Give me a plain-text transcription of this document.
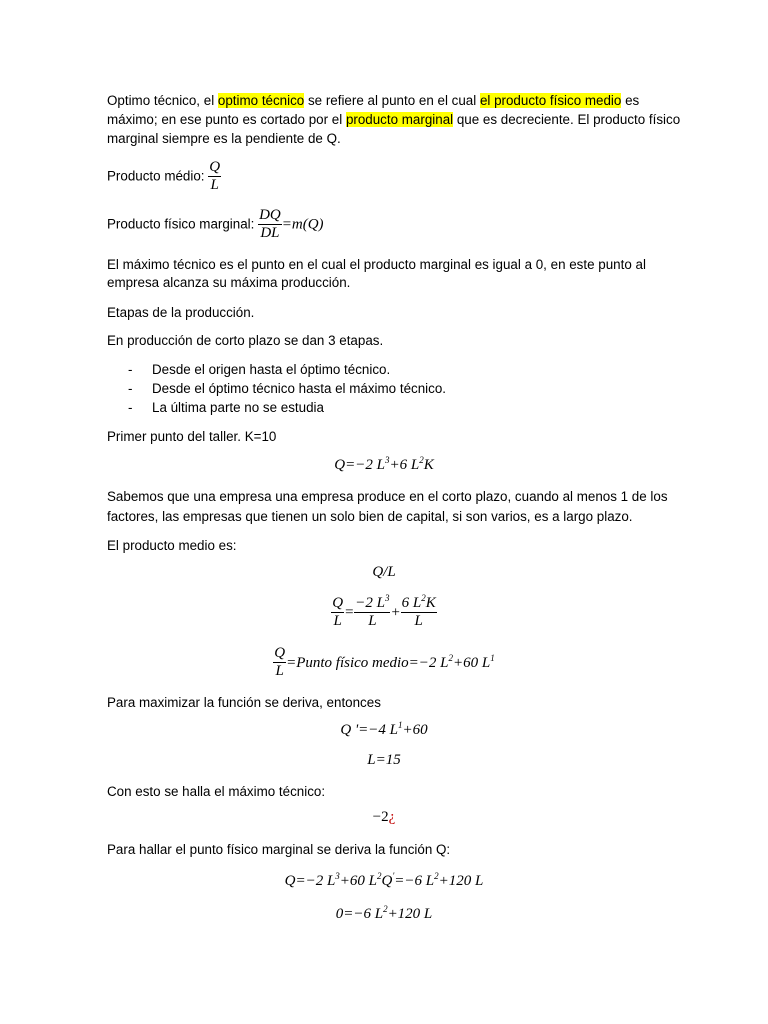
Optimo técnico, el optimo técnico se refiere al punto en el cual el producto físico medio es
máximo; en ese punto es cortado por el producto marginal que es decreciente. El producto físico
marginal siempre es la pendiente de Q.
Producto médio: $\frac{Q}{L}$
Producto físico marginal: $\frac{DQ}{DL} =m(Q)$
El máximo técnico es el punto en el cual el producto marginal es igual a 0, en este punto al
empresa alcanza su máxima producción.
Etapas de la producción.
En producción de corto plazo se dan 3 etapas.
- Desde el origen hasta el óptimo técnico.
- Desde el óptimo técnico hasta el máximo técnico.
- La última parte no se estudia
Primer punto del taller. K=10
Q=−2 $L^3+6$ $L^2K$
Sabemos que una empresa una empresa produce en el corto plazo, cuando al menos 1 de los
factores, las empresas que tienen un solo bien de capital, si son varios, es a largo plazo.
El producto medio es:
Q/L
$\frac{Q}{L} = \frac{-2 L^3}{L} + \frac{6 L^2K}{L}$
$\frac{Q}{L}$ =Punto físico medio=−2 $L^2+60$ $L^1$
Para maximizar la función se deriva, entonces
Q '=−4 $L^1+60$
L=15
Con esto se halla el máximo técnico:
−2¿
Para hallar el punto físico marginal se deriva la función Q:
Q=−2 $L^3+60$ $L^2Q'=-6$ $L^2+120$ L
0=−6 $L^2+120$ L
